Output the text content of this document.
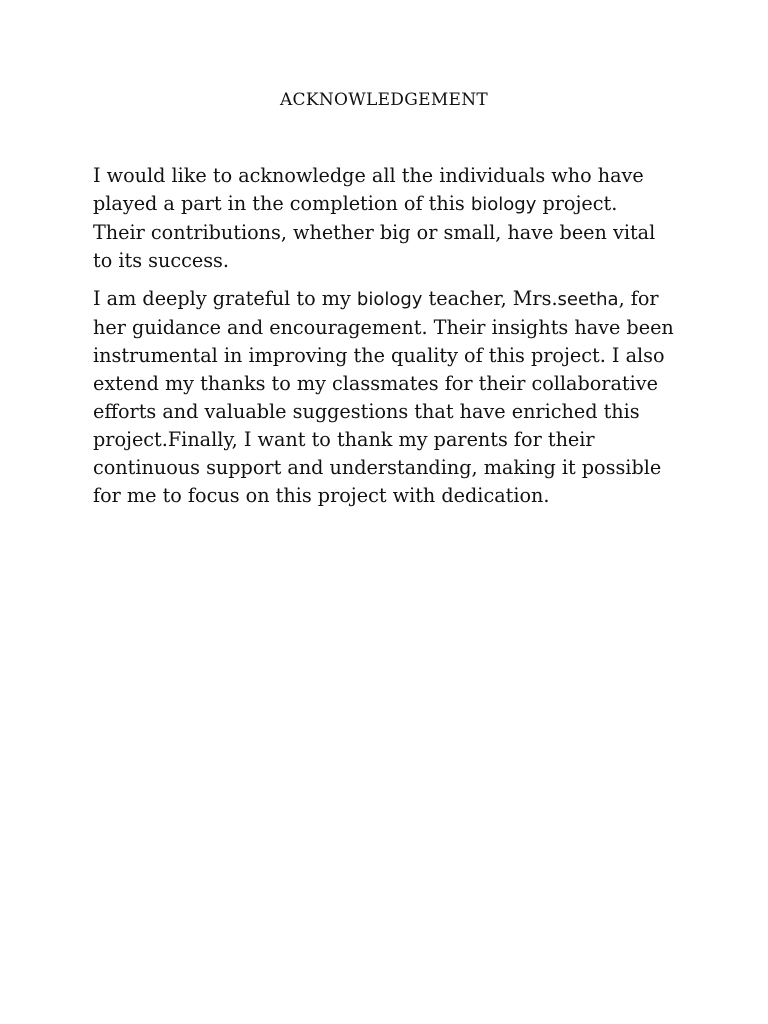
ACKNOWLEDGEMENT
I would like to acknowledge all the individuals who have
played a part in the completion of this biology project.
Their contributions, whether big or small, have been vital
to its success.
I am deeply grateful to my biology teacher, Mrs.seetha, for
her guidance and encouragement. Their insights have been
instrumental in improving the quality of this project. I also
extend my thanks to my classmates for their collaborative
efforts and valuable suggestions that have enriched this
project.Finally, I want to thank my parents for their
continuous support and understanding, making it possible
for me to focus on this project with dedication.
